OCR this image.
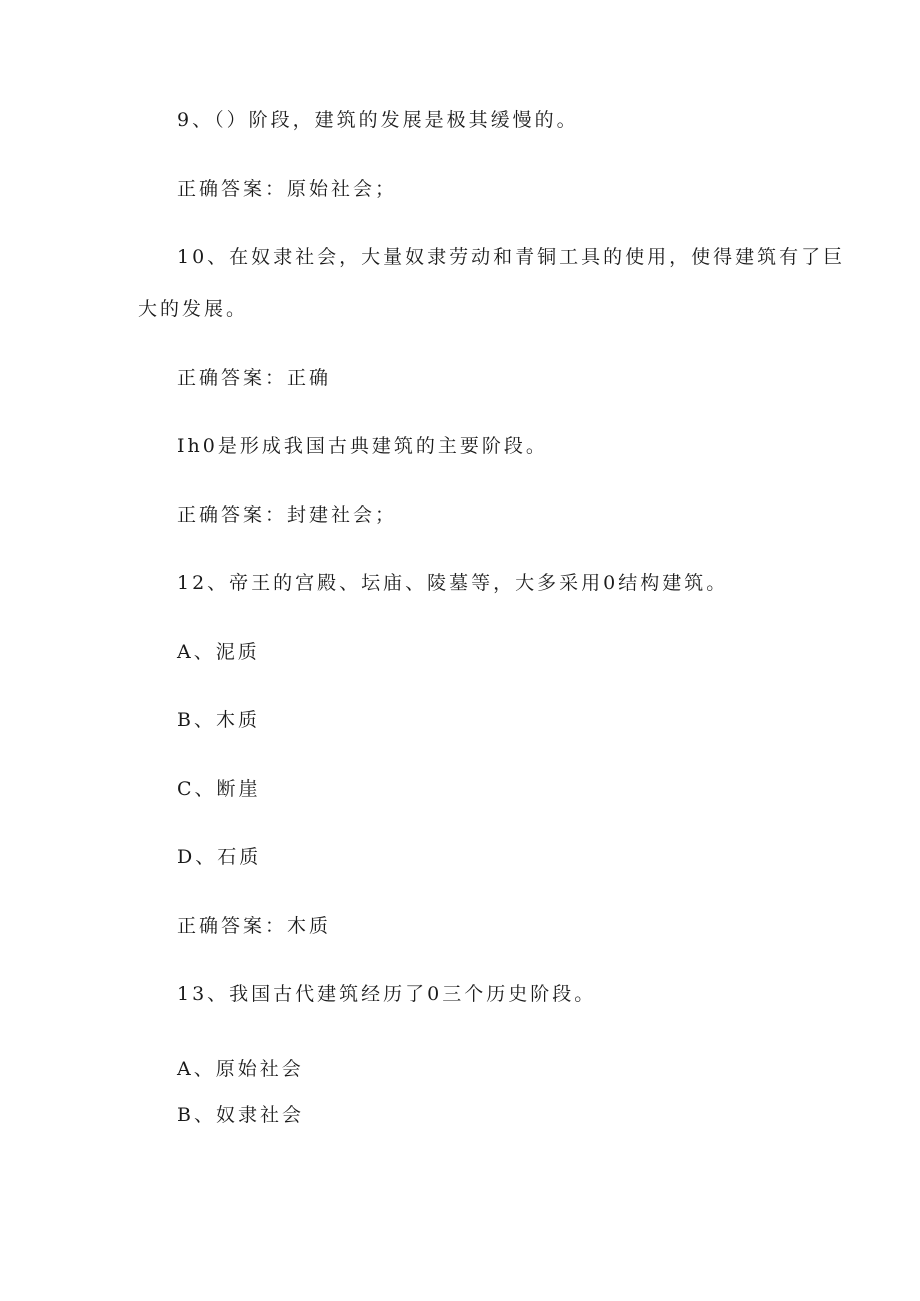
9、（）阶段，建筑的发展是极其缓慢的。
正确答案：原始社会；
10、在奴隶社会，大量奴隶劳动和青铜工具的使用，使得建筑有了巨
大的发展。
正确答案：正确
Ih0是形成我国古典建筑的主要阶段。
正确答案：封建社会；
12、帝王的宫殿、坛庙、陵墓等，大多采用0结构建筑。
A、泥质
B、木质
C、断崖
D、石质
正确答案：木质
13、我国古代建筑经历了0三个历史阶段。
A、原始社会
B、奴隶社会
